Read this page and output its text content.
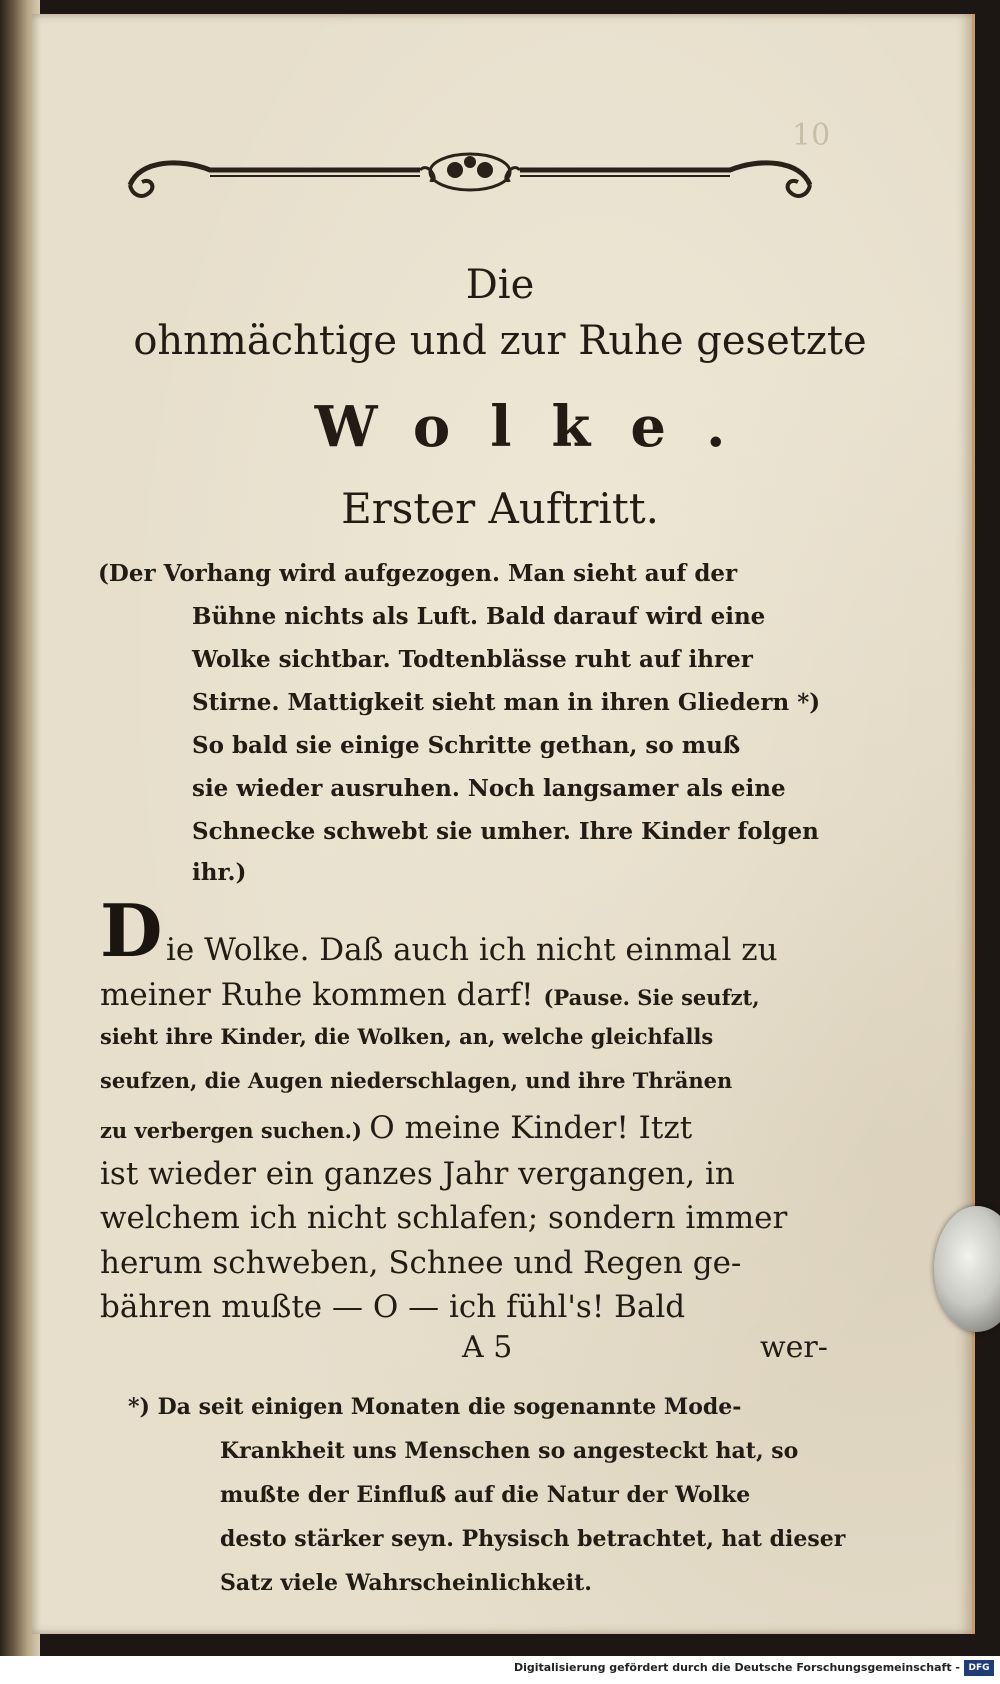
10
Die
ohnmächtige und zur Ruhe gesetzte
Wolke.
Erster Auftritt.
(Der Vorhang wird aufgezogen. Man sieht auf der
Bühne nichts als Luft. Bald darauf wird eine
Wolke sichtbar. Todtenblässe ruht auf ihrer
Stirne. Mattigkeit sieht man in ihren Gliedern *)
So bald sie einige Schritte gethan, so muß
sie wieder ausruhen. Noch langsamer als eine
Schnecke schwebt sie umher. Ihre Kinder folgen
ihr.)
D ie Wolke. Daß auch ich nicht einmal zu
meiner Ruhe kommen darf! (Pause. Sie seufzt,
sieht ihre Kinder, die Wolken, an, welche gleichfalls
seufzen, die Augen niederschlagen, und ihre Thränen
zu verbergen suchen.) O meine Kinder! Itzt
ist wieder ein ganzes Jahr vergangen, in
welchem ich nicht schlafen; sondern immer
herum schweben, Schnee und Regen ge-
bähren mußte — O — ich fühl's! Bald
A 5	wer-
*) Da seit einigen Monaten die sogenannte Mode-
Krankheit uns Menschen so angesteckt hat, so
mußte der Einfluß auf die Natur der Wolke
desto stärker seyn. Physisch betrachtet, hat dieser
Satz viele Wahrscheinlichkeit.
Digitalisierung gefördert durch die Deutsche Forschungsgemeinschaft - DFG
